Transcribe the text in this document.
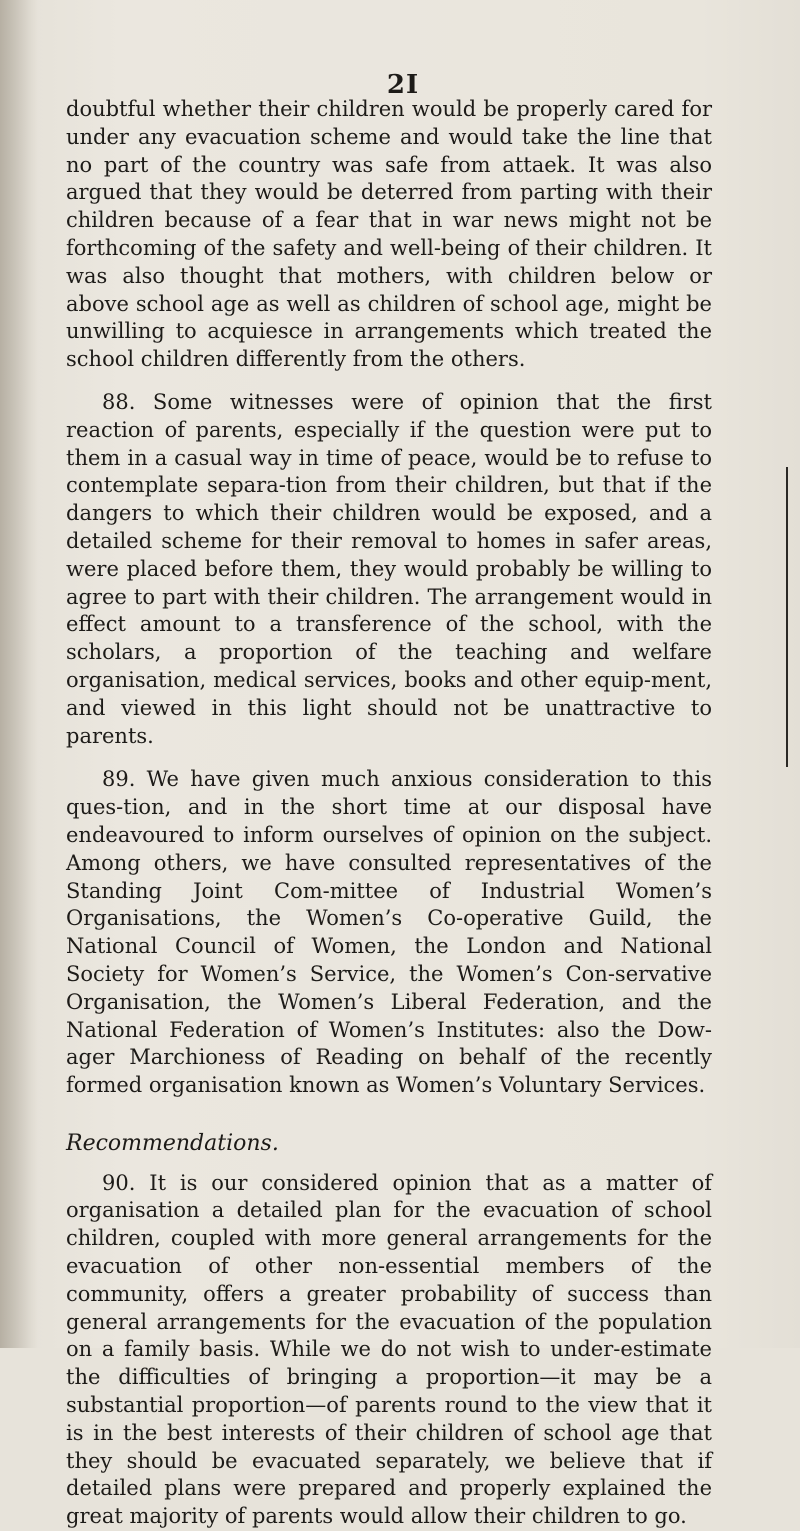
2I

doubtful whether their children would be properly cared for under any evacuation scheme and would take the line that no part of the country was safe from attaek. It was also argued that they would be deterred from parting with their children because of a fear that in war news might not be forthcoming of the safety and well-being of their children. It was also thought that mothers, with children below or above school age as well as children of school age, might be unwilling to acquiesce in arrangements which treated the school children differently from the others.

88. Some witnesses were of opinion that the first reaction of parents, especially if the question were put to them in a casual way in time of peace, would be to refuse to contemplate separa-tion from their children, but that if the dangers to which their children would be exposed, and a detailed scheme for their removal to homes in safer areas, were placed before them, they would probably be willing to agree to part with their children. The arrangement would in effect amount to a transference of the school, with the scholars, a proportion of the teaching and welfare organisation, medical services, books and other equip-ment, and viewed in this light should not be unattractive to parents.

89. We have given much anxious consideration to this ques-tion, and in the short time at our disposal have endeavoured to inform ourselves of opinion on the subject. Among others, we have consulted representatives of the Standing Joint Com-mittee of Industrial Women’s Organisations, the Women’s Co-operative Guild, the National Council of Women, the London and National Society for Women’s Service, the Women’s Con-servative Organisation, the Women’s Liberal Federation, and the National Federation of Women’s Institutes: also the Dow-ager Marchioness of Reading on behalf of the recently formed organisation known as Women’s Voluntary Services.

Recommendations.

90. It is our considered opinion that as a matter of organisation a detailed plan for the evacuation of school children, coupled with more general arrangements for the evacuation of other non-essential members of the community, offers a greater probability of success than general arrangements for the evacuation of the population on a family basis. While we do not wish to under-estimate the difficulties of bringing a proportion—it may be a substantial proportion—of parents round to the view that it is in the best interests of their children of school age that they should be evacuated separately, we believe that if detailed plans were prepared and properly explained the great majority of parents would allow their children to go.
